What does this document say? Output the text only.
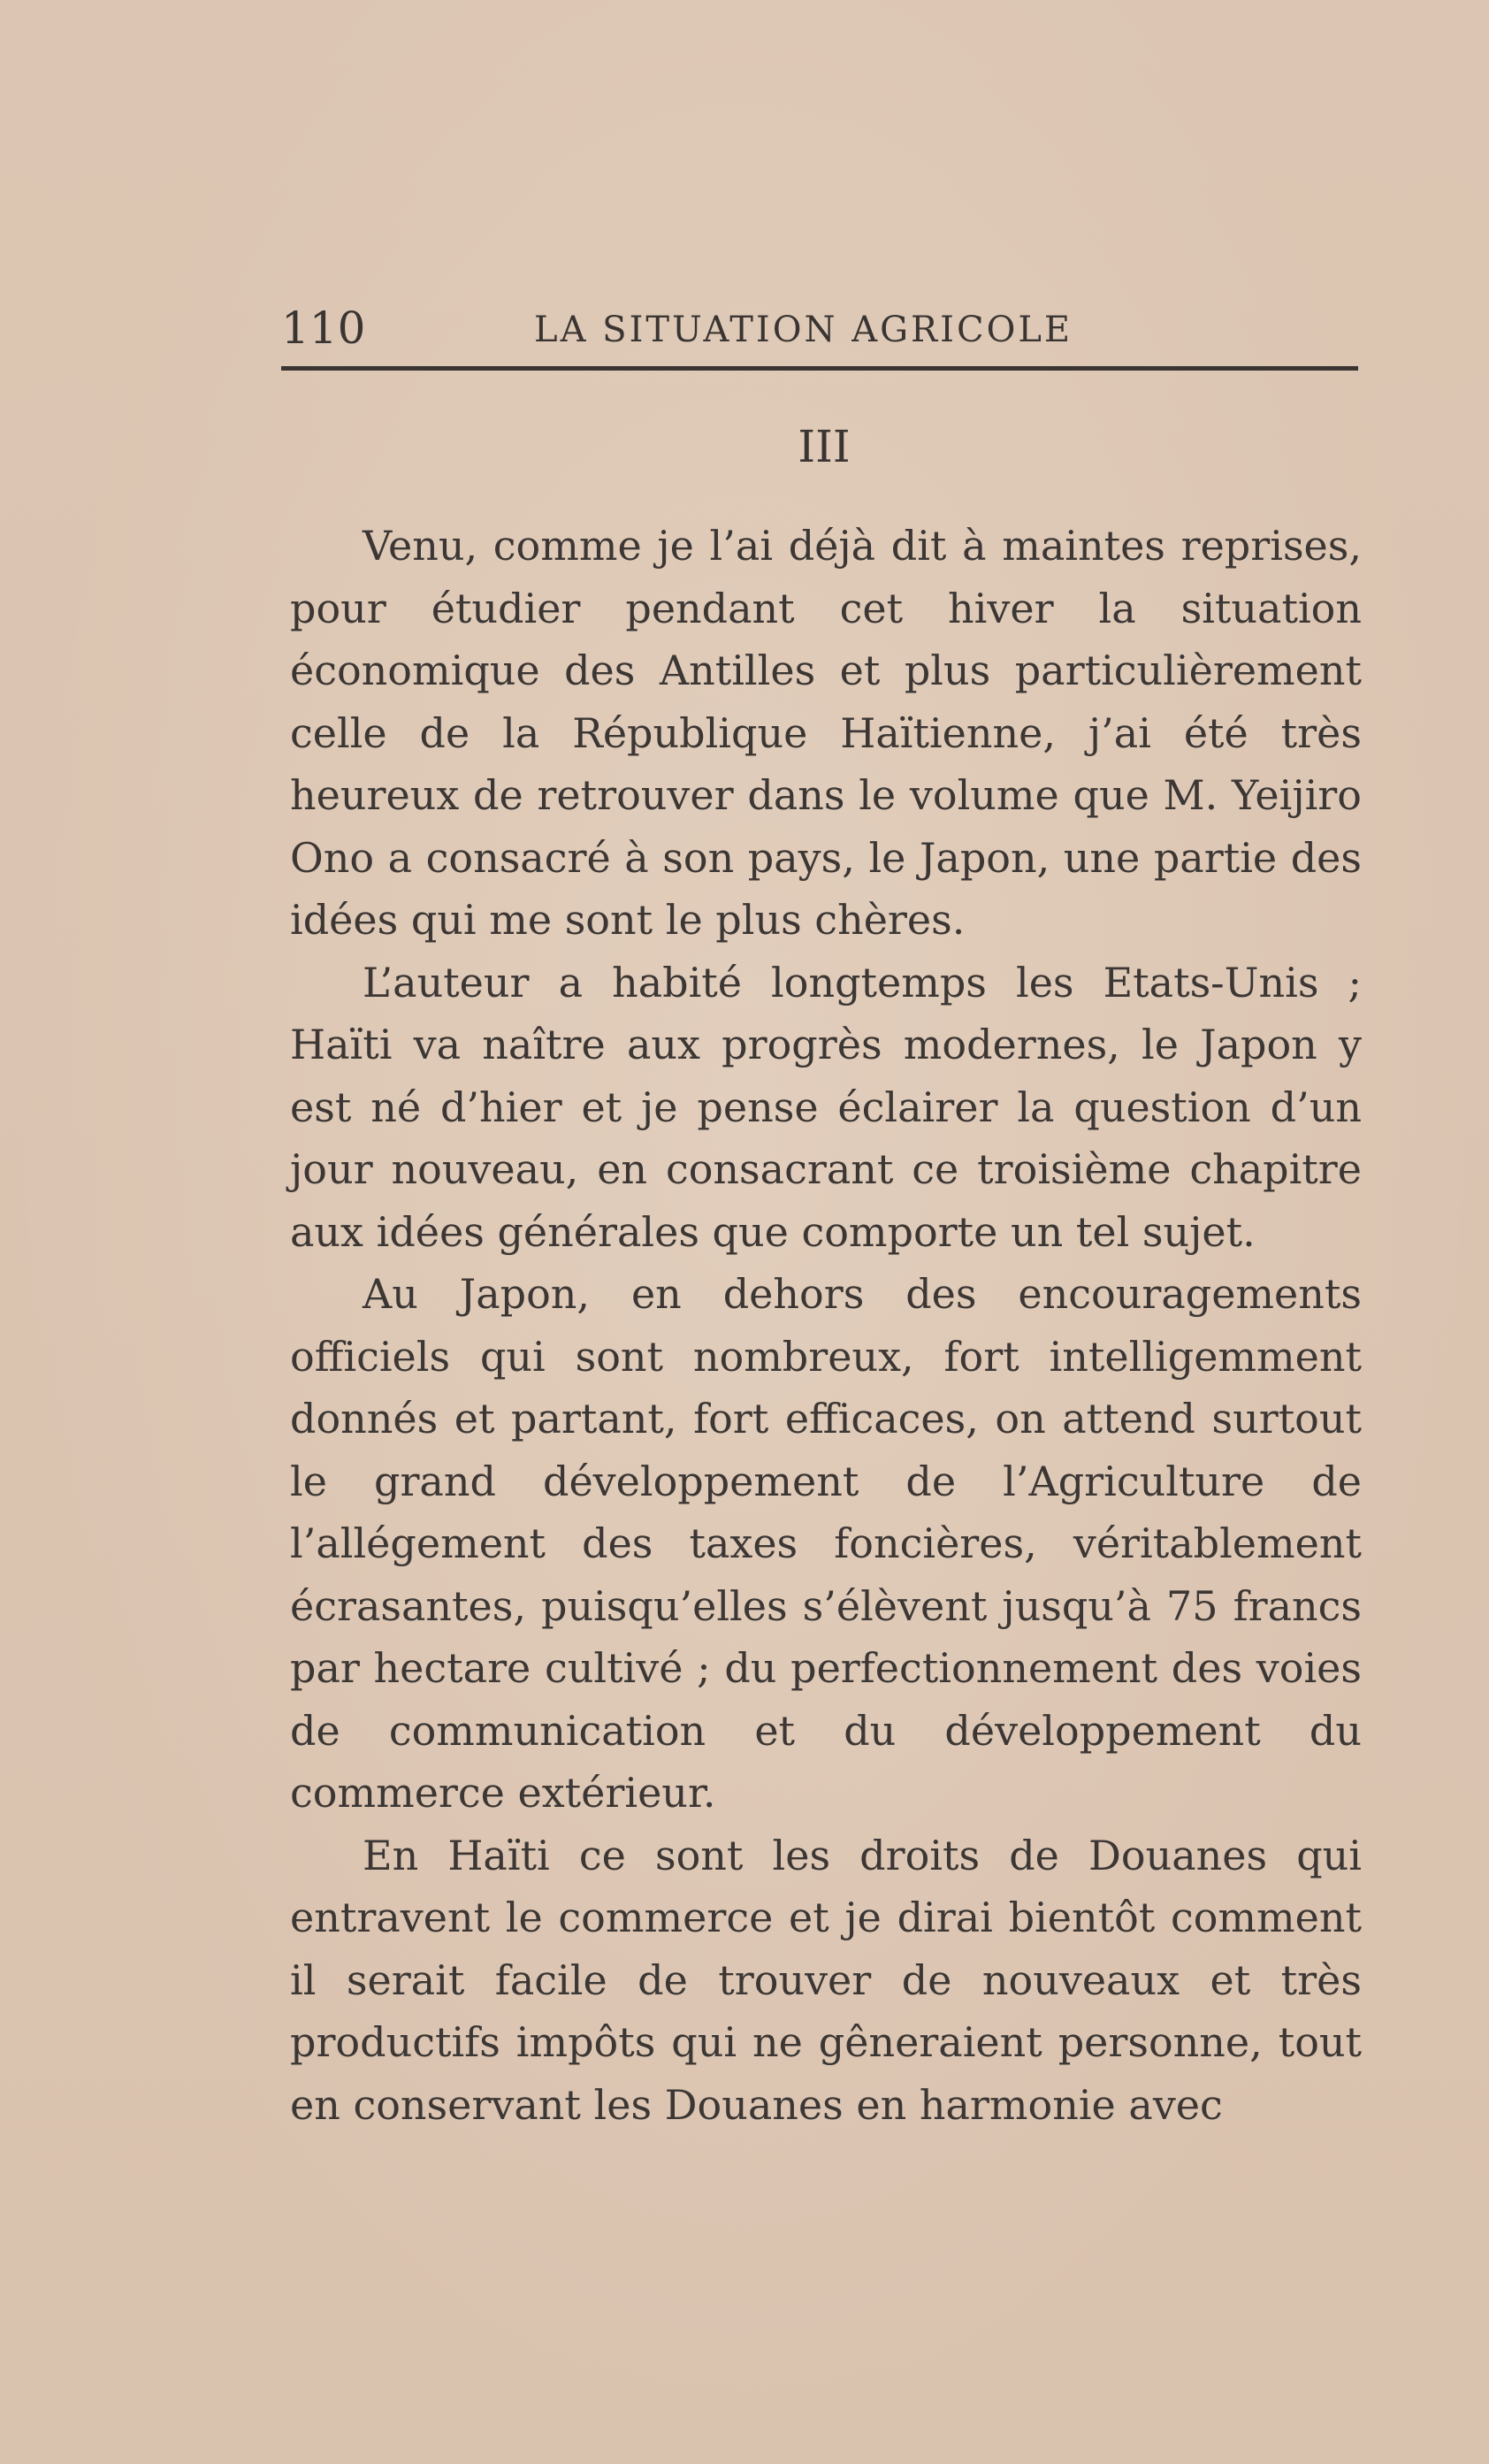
110	LA SITUATION AGRICOLE
III

Venu, comme je l’ai déjà dit à maintes reprises, pour étudier pendant cet hiver la situation économique des Antilles et plus particulièrement celle de la République Haïtienne, j’ai été très heureux de retrouver dans le volume que M. Yeijiro Ono a consacré à son pays, le Japon, une partie des idées qui me sont le plus chères.

L’auteur a habité longtemps les Etats-Unis ; Haïti va naître aux progrès modernes, le Japon y est né d’hier et je pense éclairer la question d’un jour nouveau, en consacrant ce troisième chapitre aux idées générales que comporte un tel sujet.

Au Japon, en dehors des encouragements officiels qui sont nombreux, fort intelligemment donnés et partant, fort efficaces, on attend surtout le grand développement de l’Agriculture de l’allégement des taxes foncières, véritablement écrasantes, puisqu’elles s’élèvent jusqu’à 75 francs par hectare cultivé ; du perfectionnement des voies de communication et du développement du commerce extérieur.

En Haïti ce sont les droits de Douanes qui entravent le commerce et je dirai bientôt comment il serait facile de trouver de nouveaux et très productifs impôts qui ne gêneraient personne, tout en conservant les Douanes en harmonie avec
